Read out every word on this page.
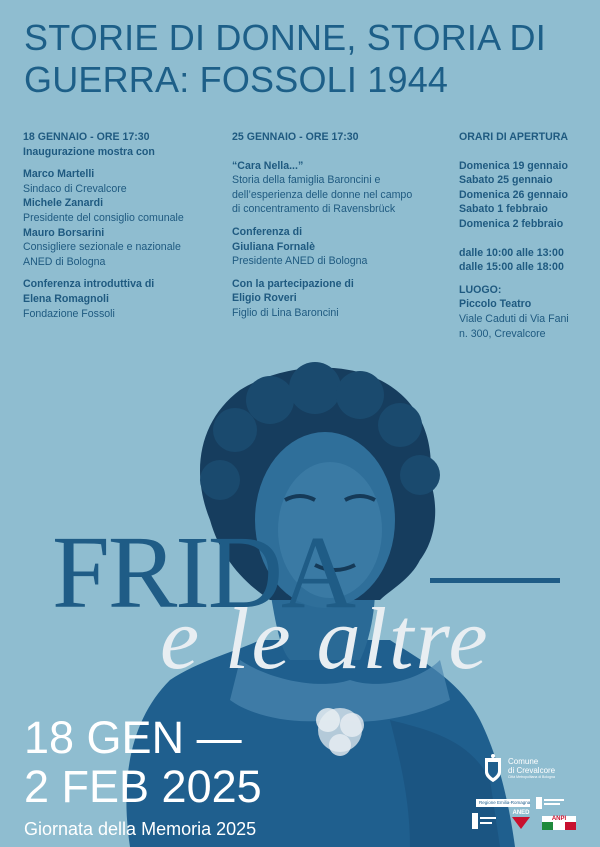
STORIE DI DONNE, STORIA DI GUERRA: FOSSOLI 1944
18 GENNAIO - ORE 17:30
Inaugurazione mostra con
Marco Martelli
Sindaco di Crevalcore
Michele Zanardi
Presidente del consiglio comunale
Mauro Borsarini
Consigliere sezionale e nazionale
ANED di Bologna
Conferenza introduttiva di
Elena Romagnoli
Fondazione Fossoli
25 GENNAIO - ORE 17:30
“Cara Nella...”
Storia della famiglia Baroncini e
dell’esperienza delle donne nel campo
di concentramento di Ravensbrück
Conferenza di
Giuliana Fornalè
Presidente ANED di Bologna
Con la partecipazione di
Eligio Roveri
Figlio di Lina Baroncini
ORARI DI APERTURA
Domenica 19 gennaio
Sabato 25 gennaio
Domenica 26 gennaio
Sabato 1 febbraio
Domenica 2 febbraio
dalle 10:00 alle 13:00
dalle 15:00 alle 18:00
LUOGO:
Piccolo Teatro
Viale Caduti di Via Fani
n. 300, Crevalcore
FRIDA
e le altre
18 GEN —
2 FEB 2025
Giornata della Memoria 2025
Comune
di Crevalcore
Città Metropolitana di Bologna
Regione Emilia-Romagna
ANED
ANPI
